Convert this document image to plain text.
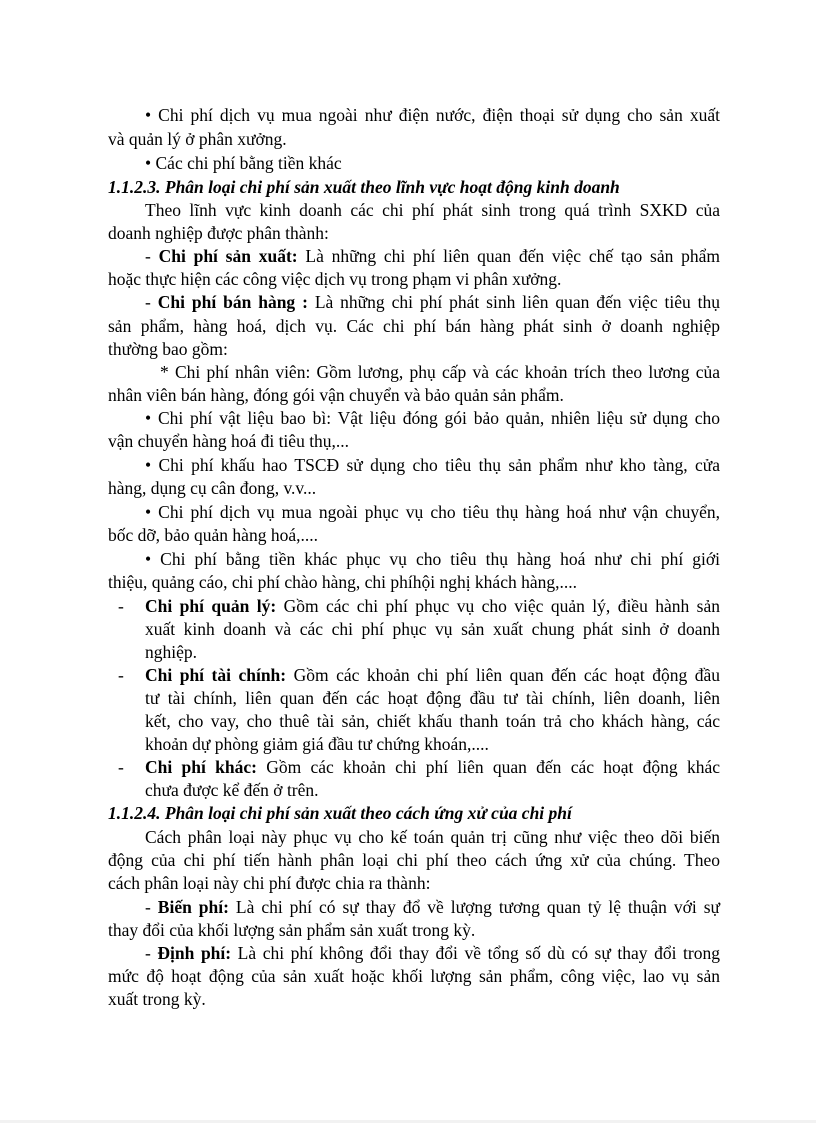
• Chi phí dịch vụ mua ngoài như điện nước, điện thoại sử dụng cho sản xuất
và quản lý ở phân xưởng.
• Các chi phí bằng tiền khác
1.1.2.3. Phân loại chi phí sản xuất theo lĩnh vực hoạt động kinh doanh
Theo lĩnh vực kinh doanh các chi phí phát sinh trong quá trình SXKD của
doanh nghiệp được phân thành:
- Chi phí sản xuất: Là những chi phí liên quan đến việc chế tạo sản phẩm
hoặc thực hiện các công việc dịch vụ trong phạm vi phân xưởng.
- Chi phí bán hàng : Là những chi phí phát sinh liên quan đến việc tiêu thụ
sản phẩm, hàng hoá, dịch vụ. Các chi phí bán hàng phát sinh ở doanh nghiệp
thường bao gồm:
* Chi phí nhân viên: Gồm lương, phụ cấp và các khoản trích theo lương của
nhân viên bán hàng, đóng gói vận chuyển và bảo quản sản phẩm.
• Chi phí vật liệu bao bì: Vật liệu đóng gói bảo quản, nhiên liệu sử dụng cho
vận chuyển hàng hoá đi tiêu thụ,...
• Chi phí khấu hao TSCĐ sử dụng cho tiêu thụ sản phẩm như kho tàng, cửa
hàng, dụng cụ cân đong, v.v...
• Chi phí dịch vụ mua ngoài phục vụ cho tiêu thụ hàng hoá như vận chuyển,
bốc dỡ, bảo quản hàng hoá,....
• Chi phí bằng tiền khác phục vụ cho tiêu thụ hàng hoá như chi phí giới
thiệu, quảng cáo, chi phí chào hàng, chi phíhội nghị khách hàng,....
- Chi phí quản lý: Gồm các chi phí phục vụ cho việc quản lý, điều hành sản
xuất kinh doanh và các chi phí phục vụ sản xuất chung phát sinh ở doanh
nghiệp.
- Chi phí tài chính: Gồm các khoản chi phí liên quan đến các hoạt động đầu
tư tài chính, liên quan đến các hoạt động đầu tư tài chính, liên doanh, liên
kết, cho vay, cho thuê tài sản, chiết khấu thanh toán trả cho khách hàng, các
khoản dự phòng giảm giá đầu tư chứng khoán,....
- Chi phí khác: Gồm các khoản chi phí liên quan đến các hoạt động khác
chưa được kể đến ở trên.
1.1.2.4. Phân loại chi phí sản xuất theo cách ứng xử của chi phí
Cách phân loại này phục vụ cho kế toán quản trị cũng như việc theo dõi biến
động của chi phí tiến hành phân loại chi phí theo cách ứng xử của chúng. Theo
cách phân loại này chi phí được chia ra thành:
- Biến phí: Là chi phí có sự thay đổ về lượng tương quan tỷ lệ thuận với sự
thay đổi của khối lượng sản phẩm sản xuất trong kỳ.
- Định phí: Là chi phí không đổi thay đổi về tổng số dù có sự thay đổi trong
mức độ hoạt động của sản xuất hoặc khối lượng sản phẩm, công việc, lao vụ sản
xuất trong kỳ.
